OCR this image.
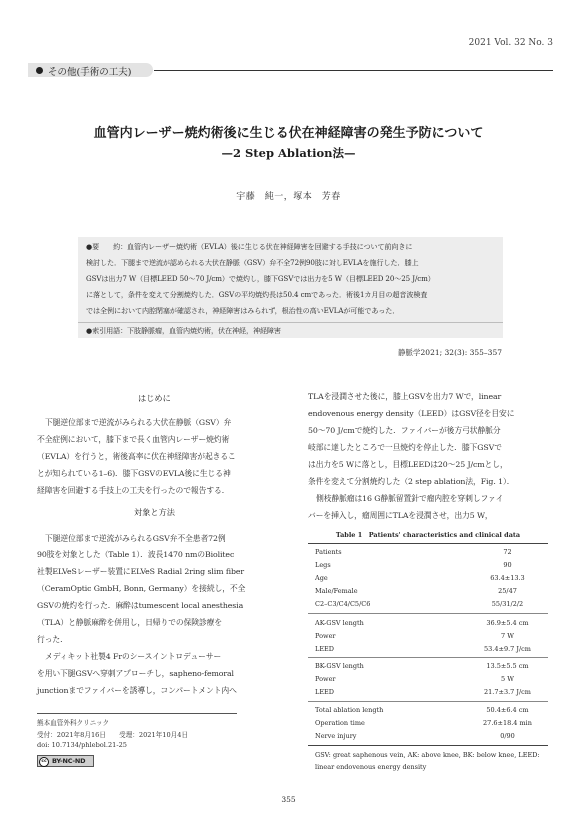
2021 Vol. 32 No. 3
その他(手術の工夫)
血管内レーザー焼灼術後に生じる伏在神経障害の発生予防について
—2 Step Ablation法—
宇藤　純一，塚本　芳春
●要　　約：血管内レーザー焼灼術（EVLA）後に生じる伏在神経障害を回避する手技について前向きに
検討した．下腿まで逆流が認められる大伏在静脈（GSV）弁不全72例90肢に対しEVLAを施行した．膝上
GSVは出力7 W（目標LEED 50～70 J/cm）で焼灼し，膝下GSVでは出力を5 W（目標LEED 20～25 J/cm）
に落として，条件を変えて分割焼灼した．GSVの平均焼灼長は50.4 cmであった．術後1カ月目の超音波検査
では全例において内腔閉塞が確認され，神経障害はみられず，根治性の高いEVLAが可能であった．
●索引用語：下肢静脈瘤，血管内焼灼術，伏在神経，神経障害
静脈学2021; 32(3): 355–357
はじめに
下腿逆位部まで逆流がみられる大伏在静脈（GSV）弁
不全症例において，膝下まで長く血管内レーザー焼灼術
（EVLA）を行うと，術後高率に伏在神経障害が起きるこ
とが知られている1–6)．膝下GSVのEVLA後に生じる神
経障害を回避する手技上の工夫を行ったので報告する．
対象と方法
下腿逆位部まで逆流がみられるGSV弁不全患者72例
90肢を対象とした（Table 1）．波長1470 nmのBiolitec
社製ELVeSレーザー装置にELVeS Radial 2ring slim fiber
（CeramOptic GmbH, Bonn, Germany）を接続し，不全
GSVの焼灼を行った．麻酔はtumescent local anesthesia
（TLA）と静脈麻酔を併用し，日帰りでの保険診療を
行った．
メディキット社製4 Frのシースイントロデューサー
を用い下腿GSVへ穿刺アプローチし，sapheno-femoral
junctionまでファイバーを誘導し，コンパートメント内へ
熊本血管外科クリニック
受付：2021年8月16日　　受理：2021年10月4日
doi: 10.7134/phlebol.21-25
cc BY-NC-ND
TLAを浸潤させた後に，膝上GSVを出力7 Wで，linear
endovenous energy density（LEED）はGSV径を目安に
50～70 J/cmで焼灼した．ファイバーが後方弓状静脈分
岐部に達したところで一旦焼灼を停止した．膝下GSVで
は出力を5 Wに落とし，目標LEEDは20～25 J/cmとし，
条件を変えて分割焼灼した（2 step ablation法，Fig. 1）．
側枝静脈瘤は16 G静脈留置針で瘤内腔を穿刺しファイ
バーを挿入し，瘤周囲にTLAを浸潤させ，出力5 W，
Table 1　Patients' characteristics and clinical data
Patients	72
Legs	90
Age	63.4±13.3
Male/Female	25/47
C2–C3/C4/C5/C6	55/31/2/2
AK-GSV length	36.9±5.4 cm
Power	7 W
LEED	53.4±9.7 J/cm
BK-GSV length	13.5±5.5 cm
Power	5 W
LEED	21.7±3.7 J/cm
Total ablation length	50.4±6.4 cm
Operation time	27.6±18.4 min
Nerve injury	0/90
GSV: great saphenous vein, AK: above knee, BK: below knee, LEED:
linear endovenous energy density
355
